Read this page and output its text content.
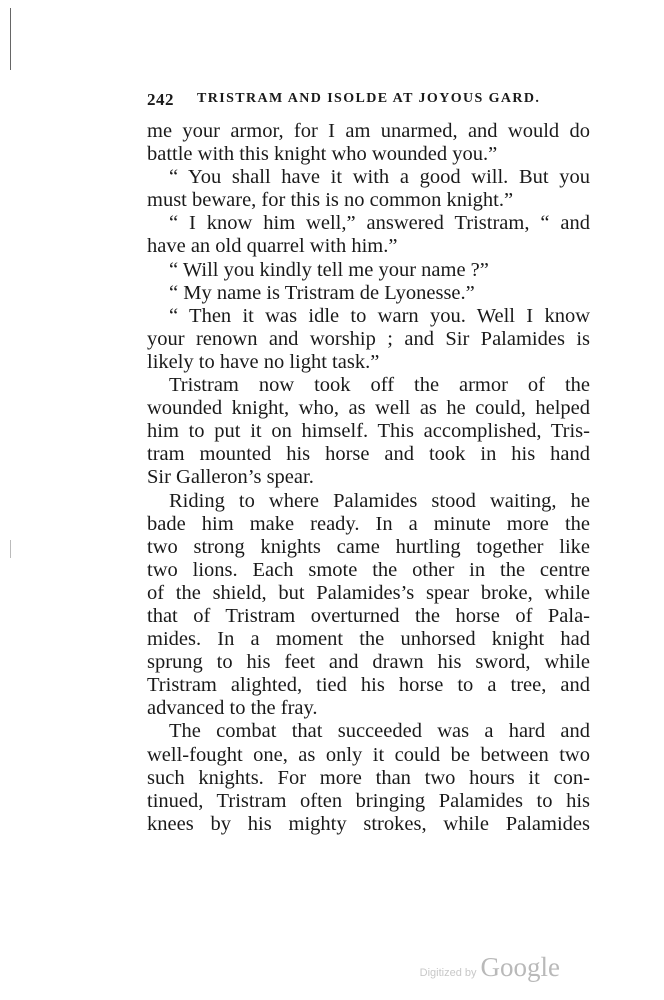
242 TRISTRAM AND ISOLDE AT JOYOUS GARD.
me your armor, for I am unarmed, and would do
battle with this knight who wounded you.”
“ You shall have it with a good will. But you
must beware, for this is no common knight.”
“ I know him well,” answered Tristram, “ and
have an old quarrel with him.”
“ Will you kindly tell me your name ?”
“ My name is Tristram de Lyonesse.”
“ Then it was idle to warn you. Well I know
your renown and worship ; and Sir Palamides is
likely to have no light task.”
Tristram now took off the armor of the
wounded knight, who, as well as he could, helped
him to put it on himself. This accomplished, Tris-
tram mounted his horse and took in his hand
Sir Galleron’s spear.
Riding to where Palamides stood waiting, he
bade him make ready. In a minute more the
two strong knights came hurtling together like
two lions. Each smote the other in the centre
of the shield, but Palamides’s spear broke, while
that of Tristram overturned the horse of Pala-
mides. In a moment the unhorsed knight had
sprung to his feet and drawn his sword, while
Tristram alighted, tied his horse to a tree, and
advanced to the fray.
The combat that succeeded was a hard and
well-fought one, as only it could be between two
such knights. For more than two hours it con-
tinued, Tristram often bringing Palamides to his
knees by his mighty strokes, while Palamides
Digitized by Google
